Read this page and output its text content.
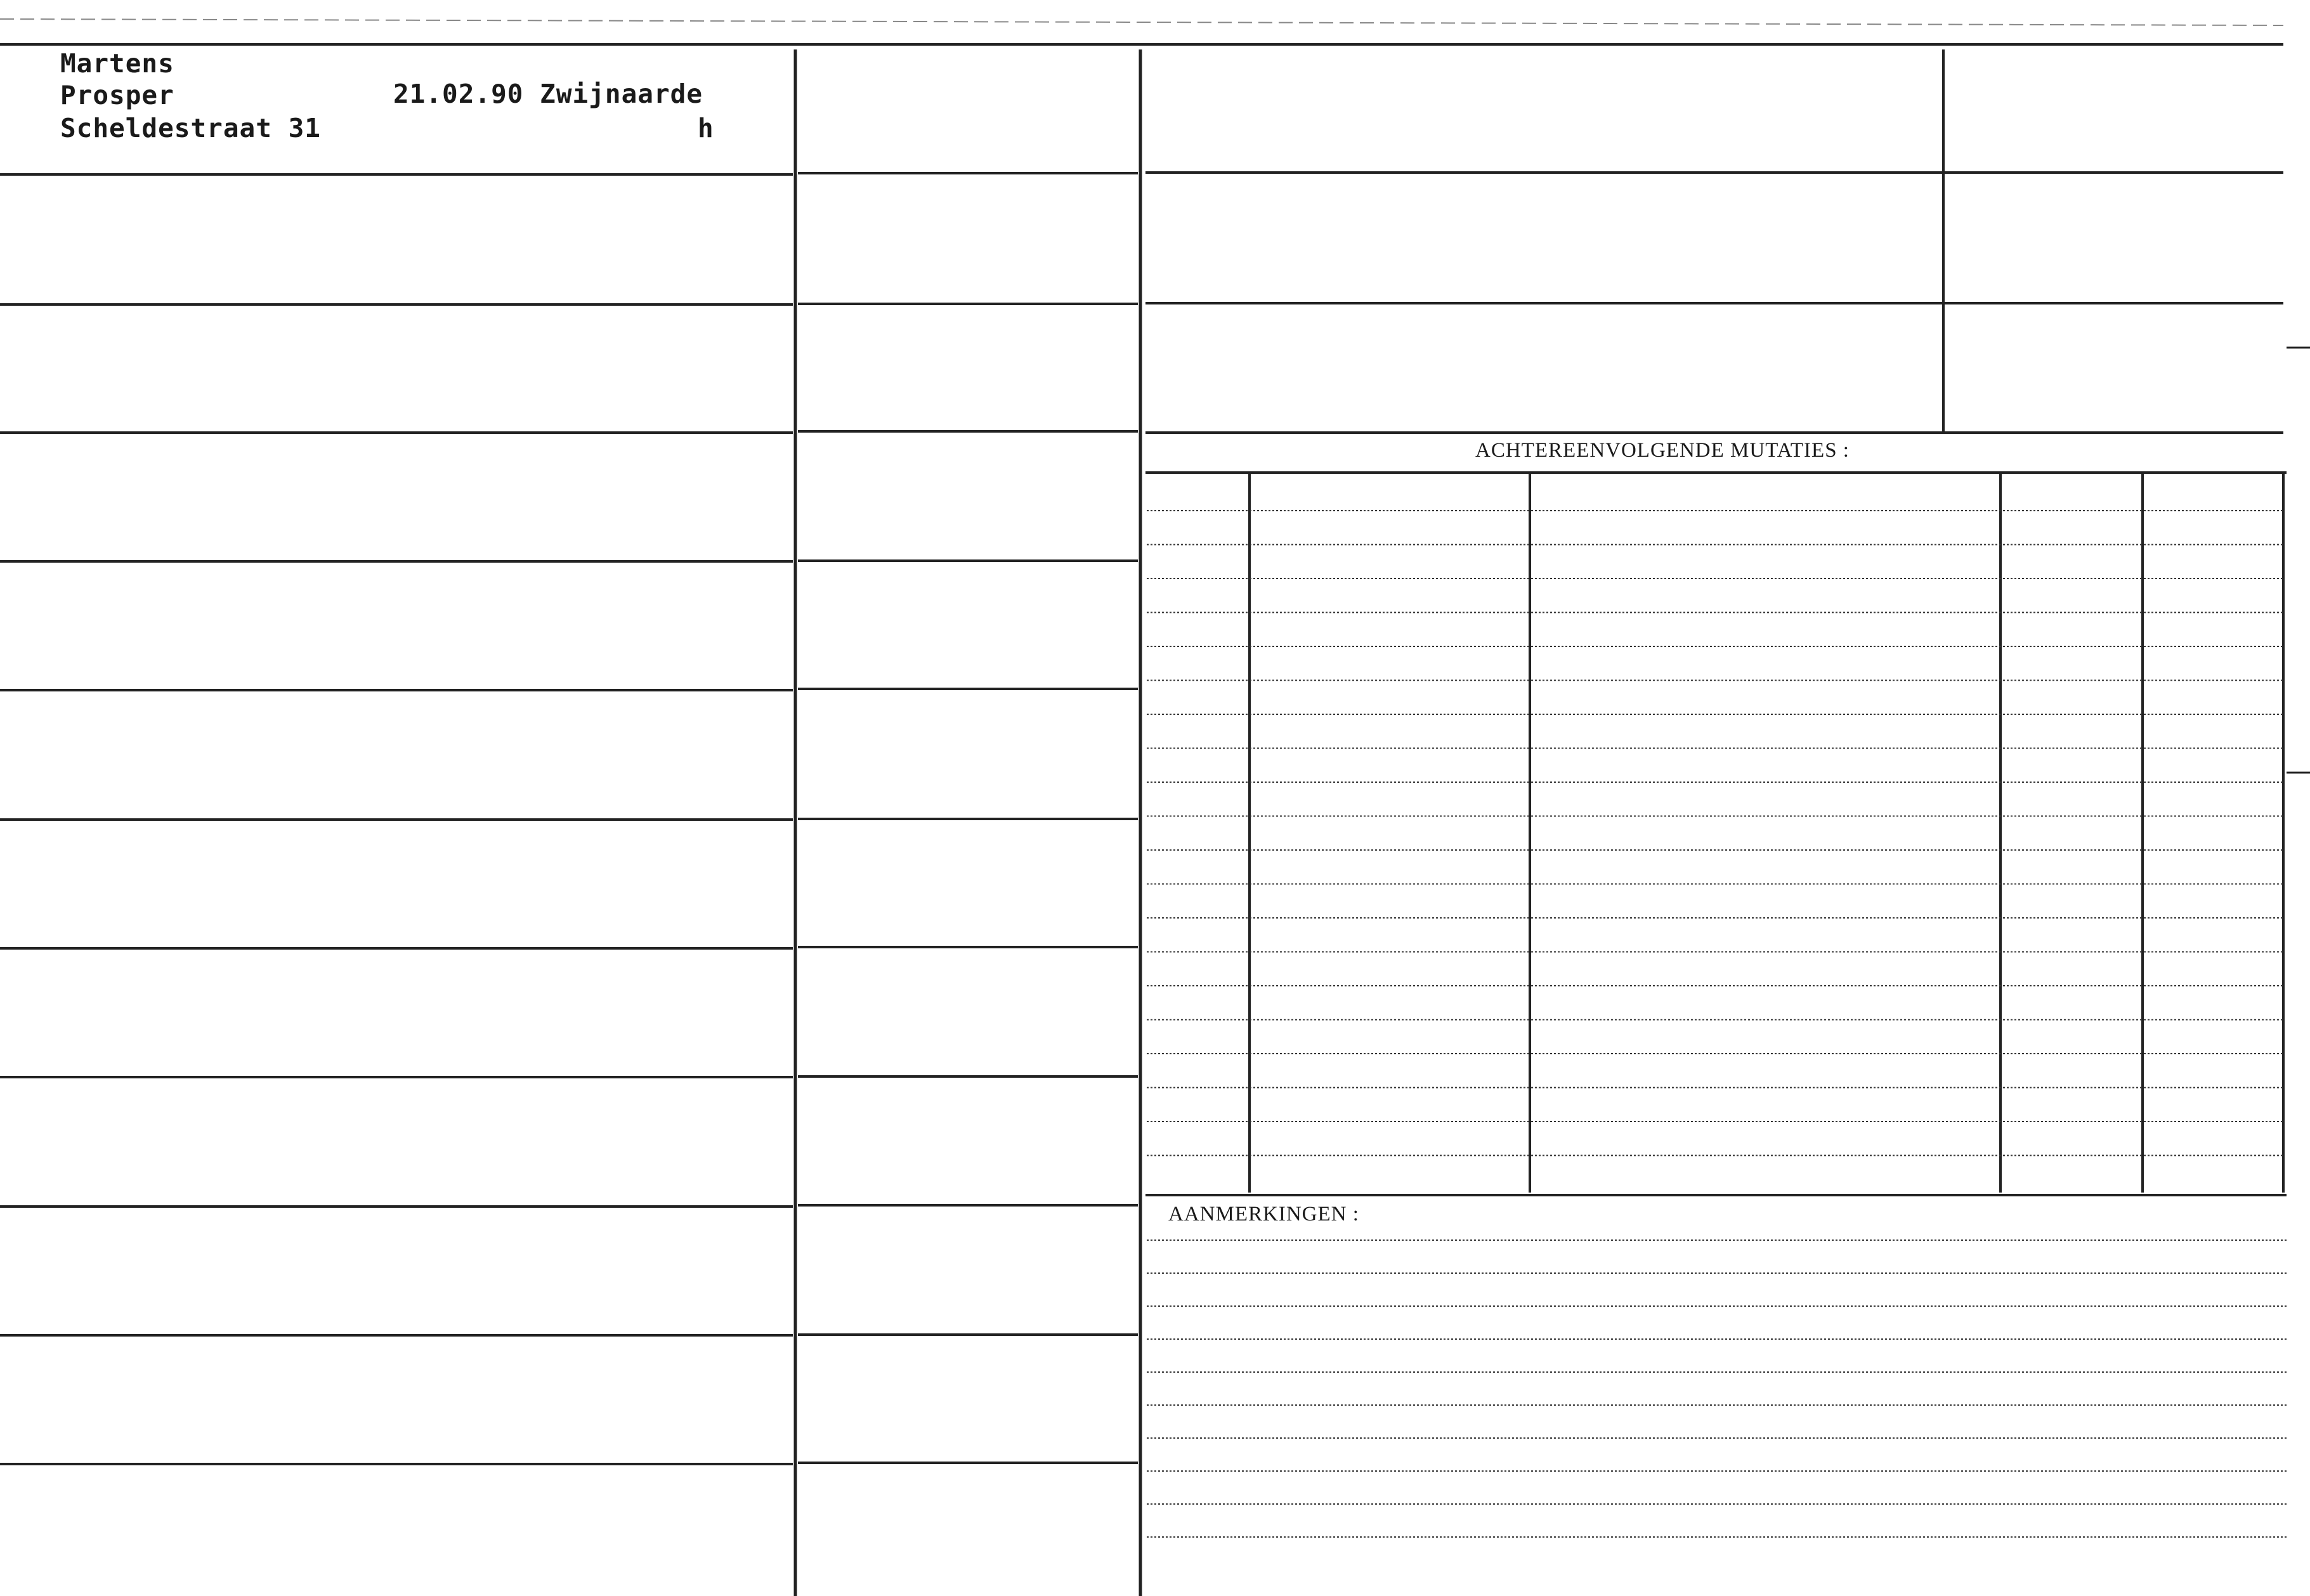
Martens
Prosper
Scheldestraat 31
21.02.90 Zwijnaarde
h
ACHTEREENVOLGENDE MUTATIES :
AANMERKINGEN :
